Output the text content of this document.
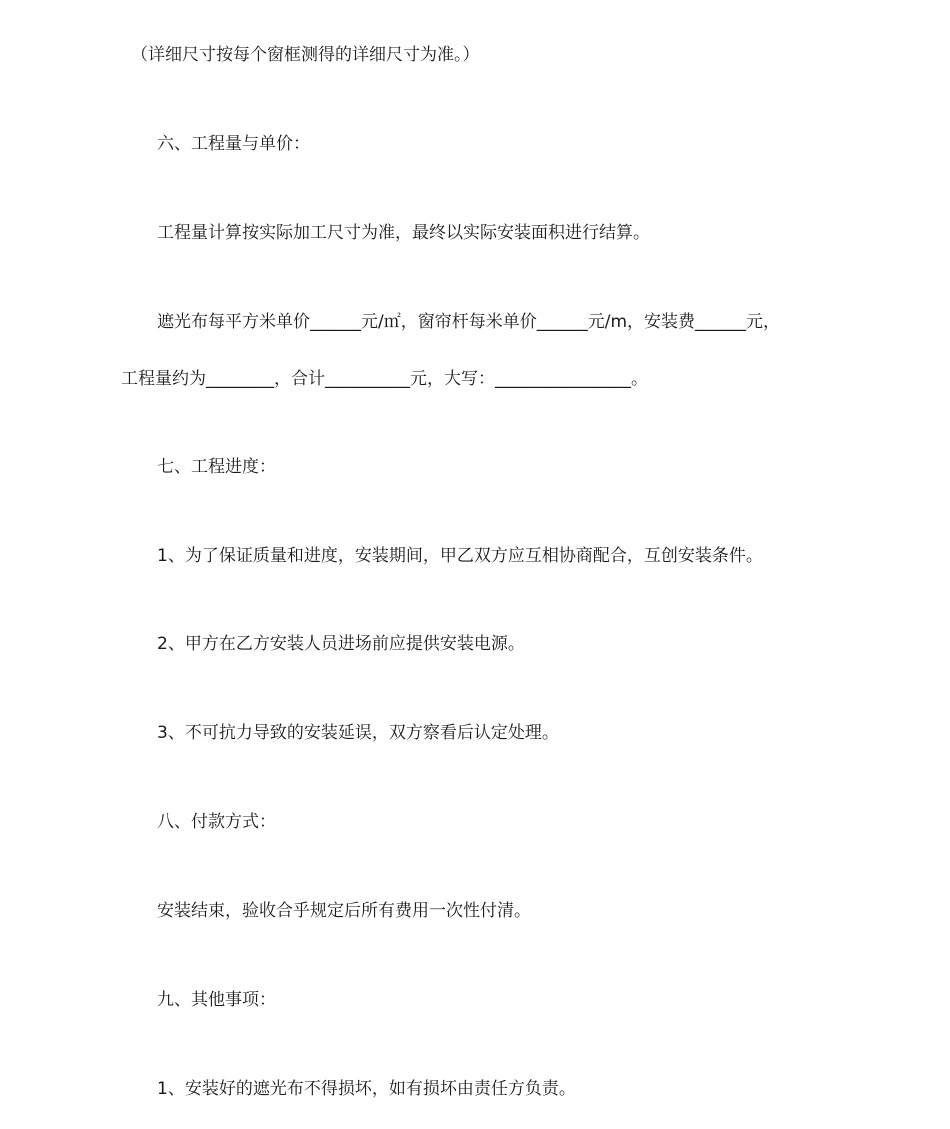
（详细尺寸按每个窗框测得的详细尺寸为准。）

六、工程量与单价：

工程量计算按实际加工尺寸为准，最终以实际安装面积进行结算。

遮光布每平方米单价______元/㎡，窗帘杆每米单价______元/m，安装费______元，

工程量约为________，合计__________元，大写：________________。

七、工程进度：

1、为了保证质量和进度，安装期间，甲乙双方应互相协商配合，互创安装条件。

2、甲方在乙方安装人员进场前应提供安装电源。

3、不可抗力导致的安装延误，双方察看后认定处理。

八、付款方式：

安装结束，验收合乎规定后所有费用一次性付清。

九、其他事项：

1、安装好的遮光布不得损坏，如有损坏由责任方负责。
